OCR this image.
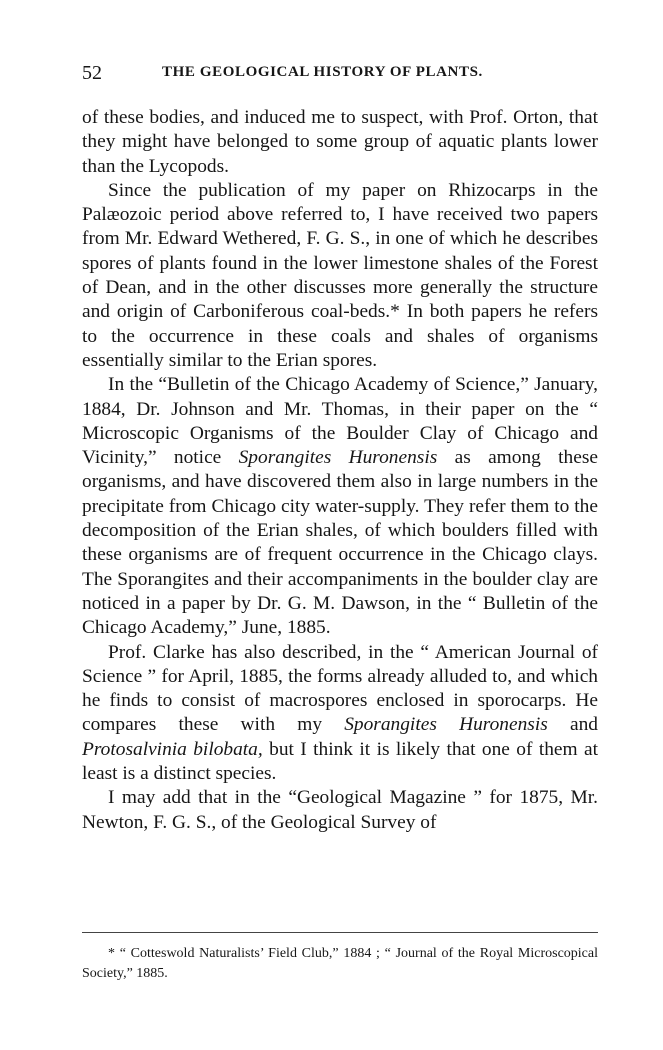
52	THE GEOLOGICAL HISTORY OF PLANTS.

of these bodies, and induced me to suspect, with Prof. Orton, that they might have belonged to some group of aquatic plants lower than the Lycopods.

Since the publication of my paper on Rhizocarps in the Palæozoic period above referred to, I have received two papers from Mr. Edward Wethered, F. G. S., in one of which he describes spores of plants found in the lower limestone shales of the Forest of Dean, and in the other discusses more generally the structure and origin of Carboniferous coal-beds.* In both papers he refers to the occurrence in these coals and shales of organisms essentially similar to the Erian spores.

In the “Bulletin of the Chicago Academy of Science,” January, 1884, Dr. Johnson and Mr. Thomas, in their paper on the “ Microscopic Organisms of the Boulder Clay of Chicago and Vicinity,” notice Sporangites Huronensis as among these organisms, and have discovered them also in large numbers in the precipitate from Chicago city water-supply. They refer them to the decomposition of the Erian shales, of which boulders filled with these organisms are of frequent occurrence in the Chicago clays. The Sporangites and their accompaniments in the boulder clay are noticed in a paper by Dr. G. M. Dawson, in the “ Bulletin of the Chicago Academy,” June, 1885.

Prof. Clarke has also described, in the “ American Journal of Science ” for April, 1885, the forms already alluded to, and which he finds to consist of macrospores enclosed in sporocarps. He compares these with my Sporangites Huronensis and Protosalvinia bilobata, but I think it is likely that one of them at least is a distinct species.

I may add that in the “Geological Magazine ” for 1875, Mr. Newton, F. G. S., of the Geological Survey of

* “ Cotteswold Naturalists’ Field Club,” 1884 ; “ Journal of the Royal Microscopical Society,” 1885.
